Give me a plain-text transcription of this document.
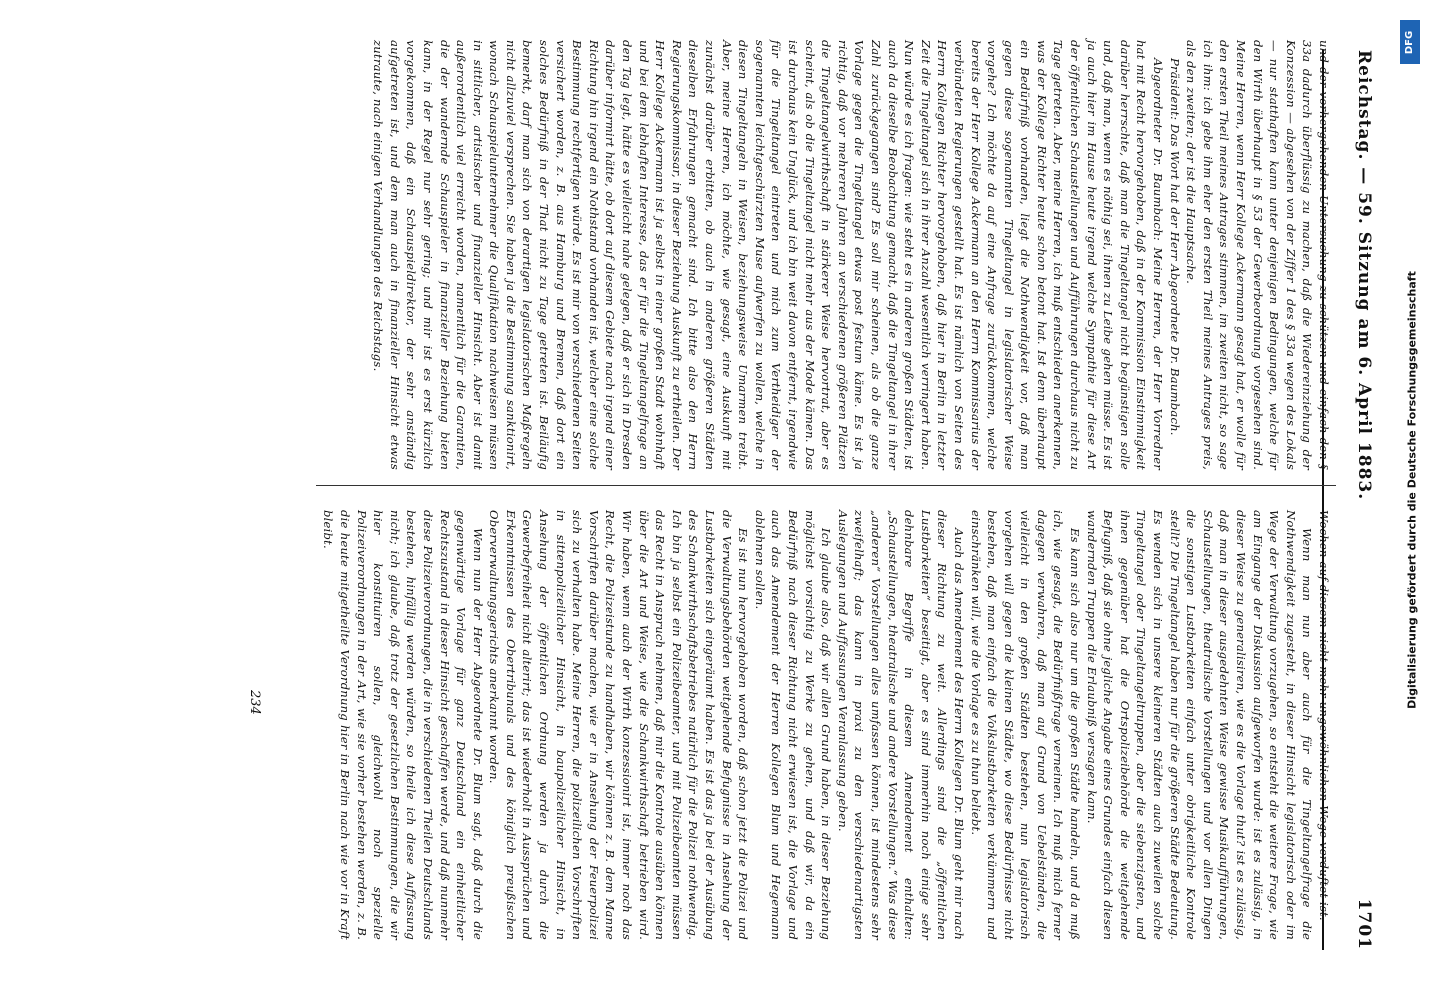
Reichstag. — 59. Sitzung am 6. April 1883.
1701

und der vorhergehenden Untersuchung zu schützen und einfach den § 33a dadurch überflüssig zu machen, daß die Wiedereinziehung der Konzession — abgesehen von der Ziffer 1 des § 33a wegen des Lokals — nur statthaften kann unter denjenigen Bedingungen, welche für den Wirth überhaupt in § 53 der Gewerbeordnung vorgesehen sind. Meine Herren, wenn Herr Kollege Ackermann gesagt hat, er wolle für den ersten Theil meines Antrages stimmen, im zweiten nicht, so sage ich ihm: ich gebe ihm eher den ersten Theil meines Antrages preis, als den zweiten; der ist die Hauptsache.

Präsident: Das Wort hat der Herr Abgeordnete Dr. Baumbach.

Abgeordneter Dr. Baumbach: Meine Herren, der Herr Vorredner hat mit Recht hervorgehoben, daß in der Kommission Einstimmigkeit darüber herrschte, daß man die Tingeltangel nicht begünstigen solle und, daß man, wenn es nöthig sei, ihnen zu Leibe gehen müsse. Es ist ja auch hier im Hause heute irgend welche Sympathie für diese Art der öffentlichen Schaustellungen und Aufführungen durchaus nicht zu Tage getreten. Aber, meine Herren, ich muß entschieden anerkennen, was der Kollege Richter heute schon betont hat. Ist denn überhaupt ein Bedürfniß vorhanden, liegt die Nothwendigkeit vor, daß man gegen diese sogenannten Tingeltangel in legislatorischer Weise vorgehe? Ich möchte da auf eine Anfrage zurückkommen, welche bereits der Herr Kollege Ackermann an den Herrn Kommissarius der verbündeten Regierungen gestellt hat. Es ist nämlich von Seiten des Herrn Kollegen Richter hervorgehoben, daß hier in Berlin in letzter Zeit die Tingeltangel sich in ihrer Anzahl wesentlich verringert haben. Nun würde es ich fragen: wie steht es in anderen großen Städten, ist auch da dieselbe Beobachtung gemacht, daß die Tingeltangel in ihrer Zahl zurückgegangen sind? Es soll mir scheinen, als ob die ganze Vorlage gegen die Tingeltangel etwas post festum käme. Es ist ja richtig, daß vor mehreren Jahren an verschiedenen größeren Plätzen die Tingeltangelwirthschaft in stärkerer Weise hervortrat, aber es scheint, als ob die Tingeltangel nicht mehr aus der Mode kämen. Das ist durchaus kein Unglück, und ich bin weit davon entfernt, irgendwie für die Tingeltangel eintreten und mich zum Vertheidiger der sogenannten leichtgeschürzten Muse aufwerfen zu wollen, welche in diesen Tingeltangeln in Weisen, beziehungsweise Umarmen treibt. Aber, meine Herren, ich möchte, wie gesagt, eine Auskunft mit zunächst darüber erbitten, ob auch in anderen größeren Städten dieselben Erfahrungen gemacht sind. Ich bitte also den Herrn Regierungskommissar, in dieser Beziehung Auskunft zu ertheilen. Der Herr Kollege Ackermann ist ja selbst in einer großen Stadt wohnhaft und bei dem lebhaften Interesse, das er für die Tingeltangelfrage an den Tag legt, hätte es vielleicht nahe gelegen, daß er sich in Dresden darüber informirt hätte, ob dort auf diesem Gebiete nach irgend einer Richtung hin irgend ein Nothstand vorhanden ist, welcher eine solche Bestimmung rechtfertigen würde. Es ist mir von verschiedenen Seiten versichert worden, z. B. aus Hamburg und Bremen, daß dort ein solches Bedürfniß in der That nicht zu Tage getreten ist. Beiläufig bemerkt, darf man sich von derartigen legislatorischen Maßregeln nicht allzuviel versprechen. Sie haben ja die Bestimmung sanktionirt, wonach Schauspielunternehmer die Qualifikation nachweisen müssen in sittlicher, artistischer und finanzieller Hinsicht. Aber ist damit außerordentlich viel erreicht worden, namentlich für die Garantien, die der wandernde Schauspieler in finanzieller Beziehung bieten kann, in der Regel nur sehr gering; und mir ist es erst kürzlich vorgekommen, daß ein Schauspieldirektor, der sehr anständig aufgetreten ist, und dem man auch in finanzieller Hinsicht etwas zutraute, nach einigen Verhandlungen des Reichstags.

Wochen auf diesem nicht mehr ungewöhnlichen Wege verduftet ist.

Wenn man nun aber auch für die Tingeltangelfrage die Nothwendigkeit zugesteht, in dieser Hinsicht legislatorisch oder im Wege der Verwaltung vorzugehen, so entsteht die weitere Frage, wie am Eingange der Diskussion aufgeworfen wurde: ist es zulässig, in dieser Weise zu generalisiren, wie es die Vorlage thut? ist es zulässig, daß man in dieser ausgedehnten Weise gewisse Musikaufführungen, Schaustellungen, theatralische Vorstellungen und vor allen Dingen die sonstigen Lustbarkeiten einfach unter obrigkeitliche Kontrole stellt? Die Tingeltangel haben nur für die größeren Städte Bedeutung. Es wenden sich in unsere kleineren Städten auch zuweilen solche Tingeltangel oder Tingeltangeltruppen, aber die siebenzigsten, und ihnen gegenüber hat die Ortspolizeibehörde die weitgehende Befugniß, daß sie ohne jegliche Angabe eines Grundes einfach diesen wandernden Truppen die Erlaubniß versagen kann.

Es kann sich also nur um die großen Städte handeln, und da muß ich, wie gesagt, die Bedürfnißfrage verneinen. Ich muß mich ferner dagegen verwahren, daß man auf Grund von Uebelständen, die vielleicht in den großen Städten bestehen, nun legislatorisch vorgehen will gegen die kleinen Städte, wo diese Bedürfnisse nicht bestehen, daß man einfach die Volkslustbarkeiten verkümmern und einschränken will, wie die Vorlage es zu thun beliebt.

Auch das Amendement des Herrn Kollegen Dr. Blum geht mir nach dieser Richtung zu weit. Allerdings sind die „öffentlichen Lustbarkeiten“ beseitigt, aber es sind immerhin noch einige sehr dehnbare Begriffe in diesem Amendement enthalten: „Schaustellungen, theatralische und andere Vorstellungen.“ Was diese „anderen“ Vorstellungen alles umfassen können, ist mindestens sehr zweifelhaft; das kann in praxi zu den verschiedenartigsten Auslegungen und Auffassungen Veranlassung geben.

Ich glaube also, daß wir allen Grund haben, in dieser Beziehung möglichst vorsichtig zu Werke zu gehen, und daß wir, da ein Bedürfniß nach dieser Richtung nicht erwiesen ist, die Vorlage und auch das Amendement der Herren Kollegen Blum und Hegemann ablehnen sollen.

Es ist nun hervorgehoben worden, daß schon jetzt die Polizei und die Verwaltungsbehörden weitgehende Befugnisse in Ansehung der Lustbarkeiten sich eingeräumt haben. Es ist das ja bei der Ausübung des Schankwirthschaftsbetriebes natürlich für die Polizei nothwendig. Ich bin ja selbst ein Polizeibeamter, und mit Polizeibeamten müssen das Recht in Anspruch nehmen, daß mir die Kontrole ausüben können über die Art und Weise, wie die Schankwirthschaft betrieben wird. Wir haben, wenn auch der Wirth konzessionirt ist, immer noch das Recht, die Polizeistunde zu handhaben, wir können z. B. dem Manne Vorschriften darüber machen, wie er in Ansehung der Feuerpolizei sich zu verhalten habe. Meine Herren, die polizeilichen Vorschriften in sittenpolizeilicher Hinsicht, in baupolizeilicher Hinsicht, in Ansehung der öffentlichen Ordnung werden ja durch die Gewerbefreiheit nicht alterirt; das ist wiederholt in Aussprüchen und Erkenntnissen des Obertribunals und des königlich preußischen Oberverwaltungsgerichts anerkannt worden.

Wenn nun der Herr Abgeordnete Dr. Blum sagt, daß durch die gegenwärtige Vorlage für ganz Deutschland ein einheitlicher Rechtszustand in dieser Hinsicht geschaffen werde, und daß nunmehr diese Polizeiverordnungen, die in verschiedenen Theilen Deutschlands bestehen, hinfällig werden würden, so theile ich diese Auffassung nicht; ich glaube, daß trotz der gesetzlichen Bestimmungen, die wir hier konstituiren sollen, gleichwohl noch spezielle Polizeiverordnungen in der Art, wie sie vorher bestehen werden, z. B. die heute mitgetheilte Verordnung hier in Berlin nach wie vor in Kraft bleibt.

234
DFG
Digitalisierung gefördert durch die Deutsche Forschungsgemeinschaft
